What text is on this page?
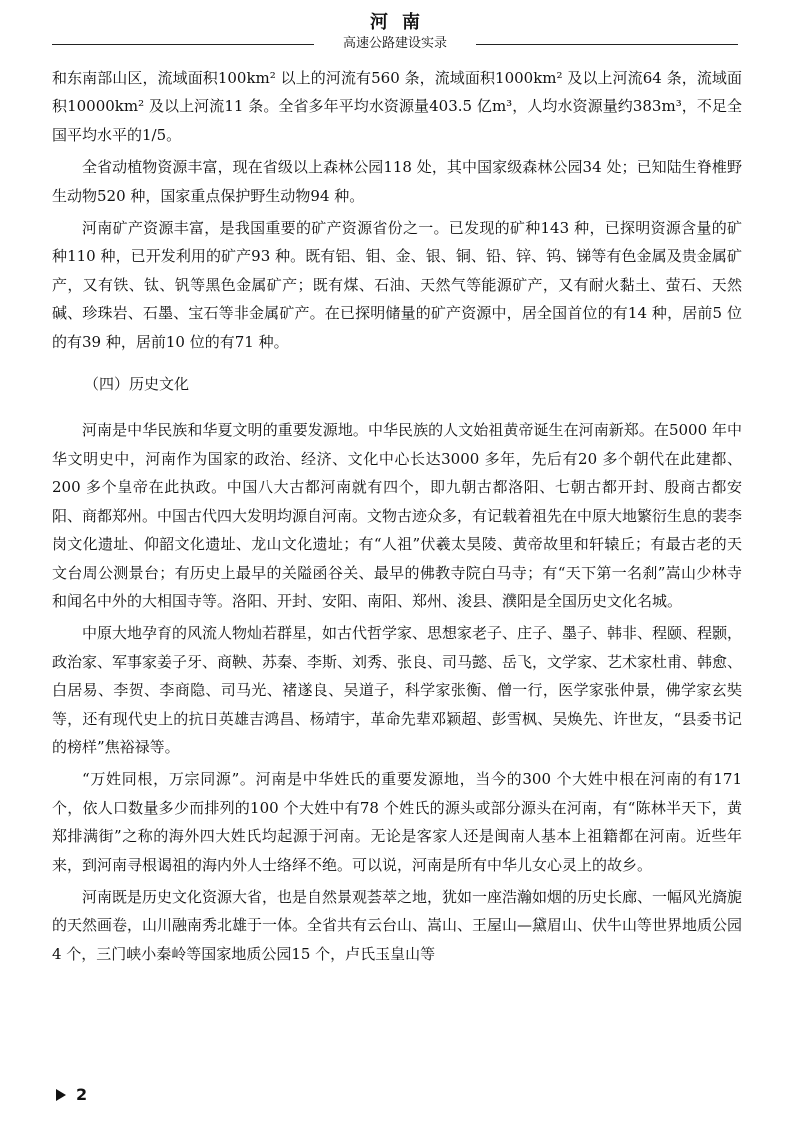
河南
高速公路建设实录

和东南部山区，流域面积100km² 以上的河流有560 条，流域面积1000km² 及以上河流64 条，流域面积10000km² 及以上河流11 条。全省多年平均水资源量403.5 亿m³，人均水资源量约383m³，不足全国平均水平的1/5。

全省动植物资源丰富，现在省级以上森林公园118 处，其中国家级森林公园34 处；已知陆生脊椎野生动物520 种，国家重点保护野生动物94 种。

河南矿产资源丰富，是我国重要的矿产资源省份之一。已发现的矿种143 种，已探明资源含量的矿种110 种，已开发利用的矿产93 种。既有铝、钼、金、银、铜、铅、锌、钨、锑等有色金属及贵金属矿产，又有铁、钛、钒等黑色金属矿产；既有煤、石油、天然气等能源矿产，又有耐火黏土、萤石、天然碱、珍珠岩、石墨、宝石等非金属矿产。在已探明储量的矿产资源中，居全国首位的有14 种，居前5 位的有39 种，居前10 位的有71 种。

（四）历史文化

河南是中华民族和华夏文明的重要发源地。中华民族的人文始祖黄帝诞生在河南新郑。在5000 年中华文明史中，河南作为国家的政治、经济、文化中心长达3000 多年，先后有20 多个朝代在此建都、200 多个皇帝在此执政。中国八大古都河南就有四个，即九朝古都洛阳、七朝古都开封、殷商古都安阳、商都郑州。中国古代四大发明均源自河南。文物古迹众多，有记载着祖先在中原大地繁衍生息的裴李岗文化遗址、仰韶文化遗址、龙山文化遗址；有“人祖”伏羲太昊陵、黄帝故里和轩辕丘；有最古老的天文台周公测景台；有历史上最早的关隘函谷关、最早的佛教寺院白马寺；有“天下第一名刹”嵩山少林寺和闻名中外的大相国寺等。洛阳、开封、安阳、南阳、郑州、浚县、濮阳是全国历史文化名城。

中原大地孕育的风流人物灿若群星，如古代哲学家、思想家老子、庄子、墨子、韩非、程颐、程颢，政治家、军事家姜子牙、商鞅、苏秦、李斯、刘秀、张良、司马懿、岳飞，文学家、艺术家杜甫、韩愈、白居易、李贺、李商隐、司马光、褚遂良、吴道子，科学家张衡、僧一行，医学家张仲景，佛学家玄奘等，还有现代史上的抗日英雄吉鸿昌、杨靖宇，革命先辈邓颖超、彭雪枫、吴焕先、许世友，“县委书记的榜样”焦裕禄等。

“万姓同根，万宗同源”。河南是中华姓氏的重要发源地，当今的300 个大姓中根在河南的有171 个，依人口数量多少而排列的100 个大姓中有78 个姓氏的源头或部分源头在河南，有“陈林半天下，黄郑排满街”之称的海外四大姓氏均起源于河南。无论是客家人还是闽南人基本上祖籍都在河南。近些年来，到河南寻根谒祖的海内外人士络绎不绝。可以说，河南是所有中华儿女心灵上的故乡。

河南既是历史文化资源大省，也是自然景观荟萃之地，犹如一座浩瀚如烟的历史长廊、一幅风光旖旎的天然画卷，山川融南秀北雄于一体。全省共有云台山、嵩山、王屋山—黛眉山、伏牛山等世界地质公园4 个，三门峡小秦岭等国家地质公园15 个，卢氏玉皇山等

2
